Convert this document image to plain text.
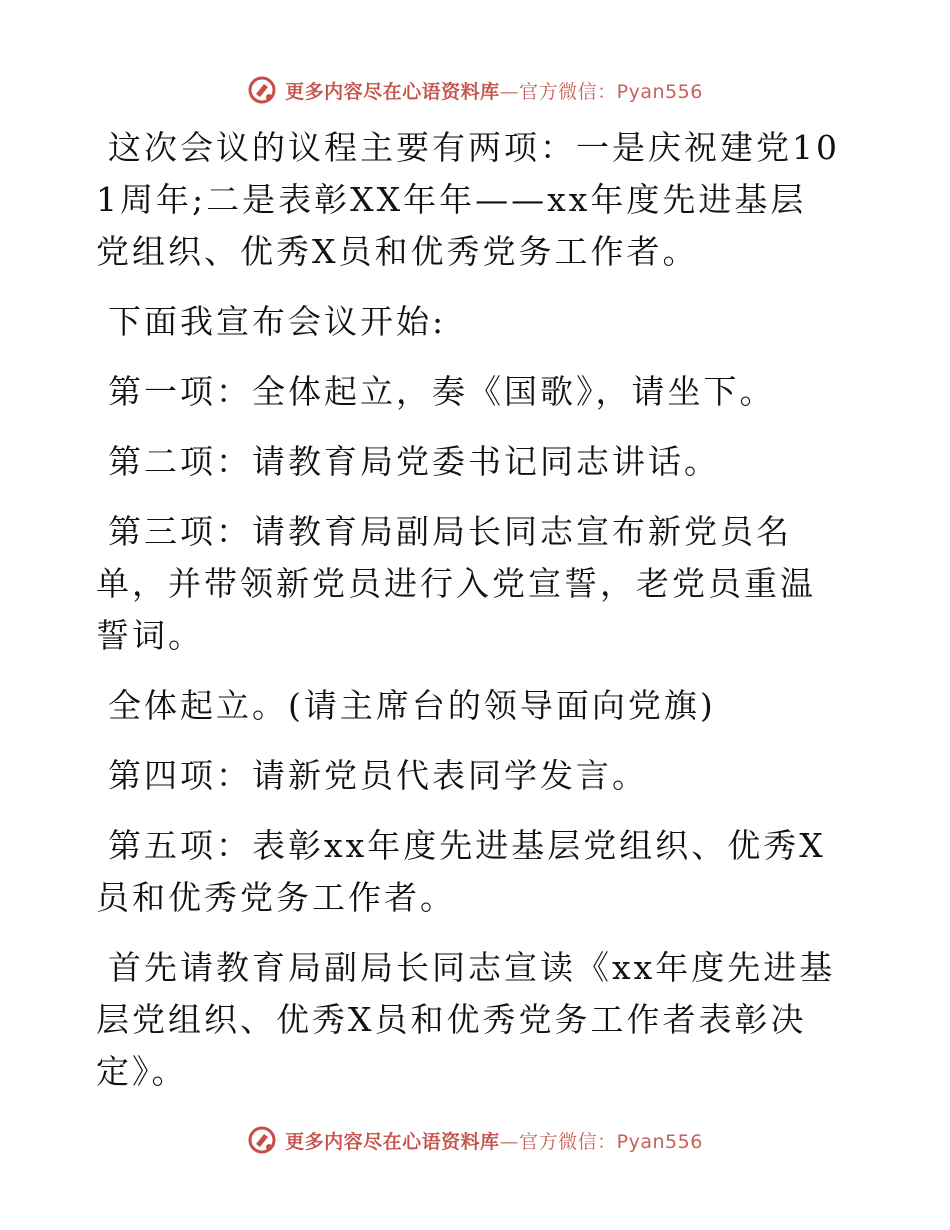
更多内容尽在心语资料库—官方微信：Pyan556

这次会议的议程主要有两项：一是庆祝建党101周年;二是表彰XX年年——xx年度先进基层党组织、优秀X员和优秀党务工作者。

下面我宣布会议开始:

第一项：全体起立，奏《国歌》，请坐下。

第二项：请教育局党委书记同志讲话。

第三项：请教育局副局长同志宣布新党员名单，并带领新党员进行入党宣誓，老党员重温誓词。

全体起立。(请主席台的领导面向党旗)

第四项：请新党员代表同学发言。

第五项：表彰xx年度先进基层党组织、优秀X员和优秀党务工作者。

首先请教育局副局长同志宣读《xx年度先进基层党组织、优秀X员和优秀党务工作者表彰决定》。

更多内容尽在心语资料库—官方微信：Pyan556
